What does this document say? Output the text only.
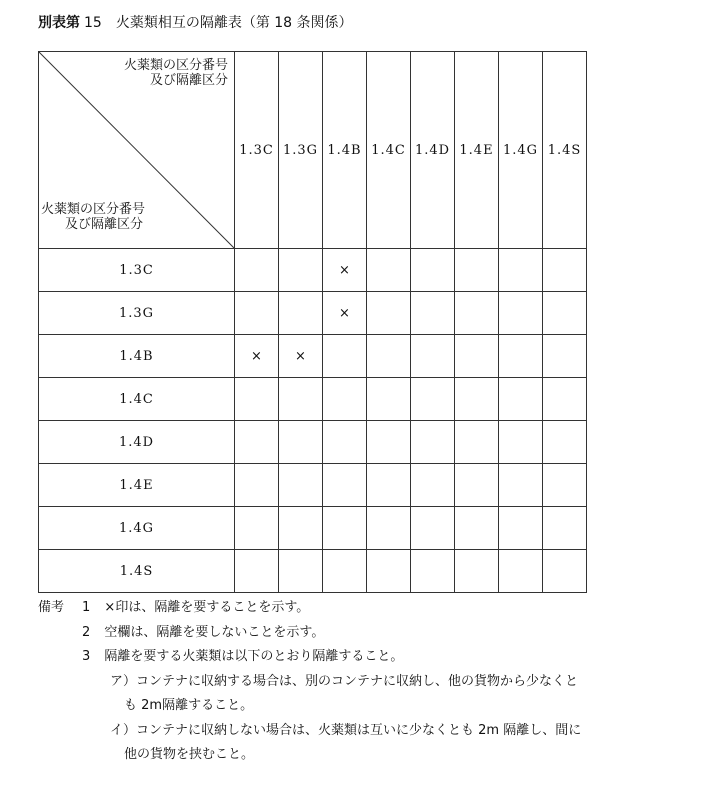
別表第 15 火薬類相互の隔離表（第 18 条関係）
火薬類の区分番号
及び隔離区分
火薬類の区分番号
及び隔離区分	1.3C	1.3G	1.4B	1.4C	1.4D	1.4E	1.4G	1.4S
1.3C			×					
1.3G			×					
1.4B	×	×						
1.4C								
1.4D								
1.4E								
1.4G								
1.4S								
備考 1 ×印は、隔離を要することを示す。
2 空欄は、隔離を要しないことを示す。
3 隔離を要する火薬類は以下のとおり隔離すること。
ア）コンテナに収納する場合は、別のコンテナに収納し、他の貨物から少なくと
も 2m隔離すること。
イ）コンテナに収納しない場合は、火薬類は互いに少なくとも 2m 隔離し、間に
他の貨物を挟むこと。
